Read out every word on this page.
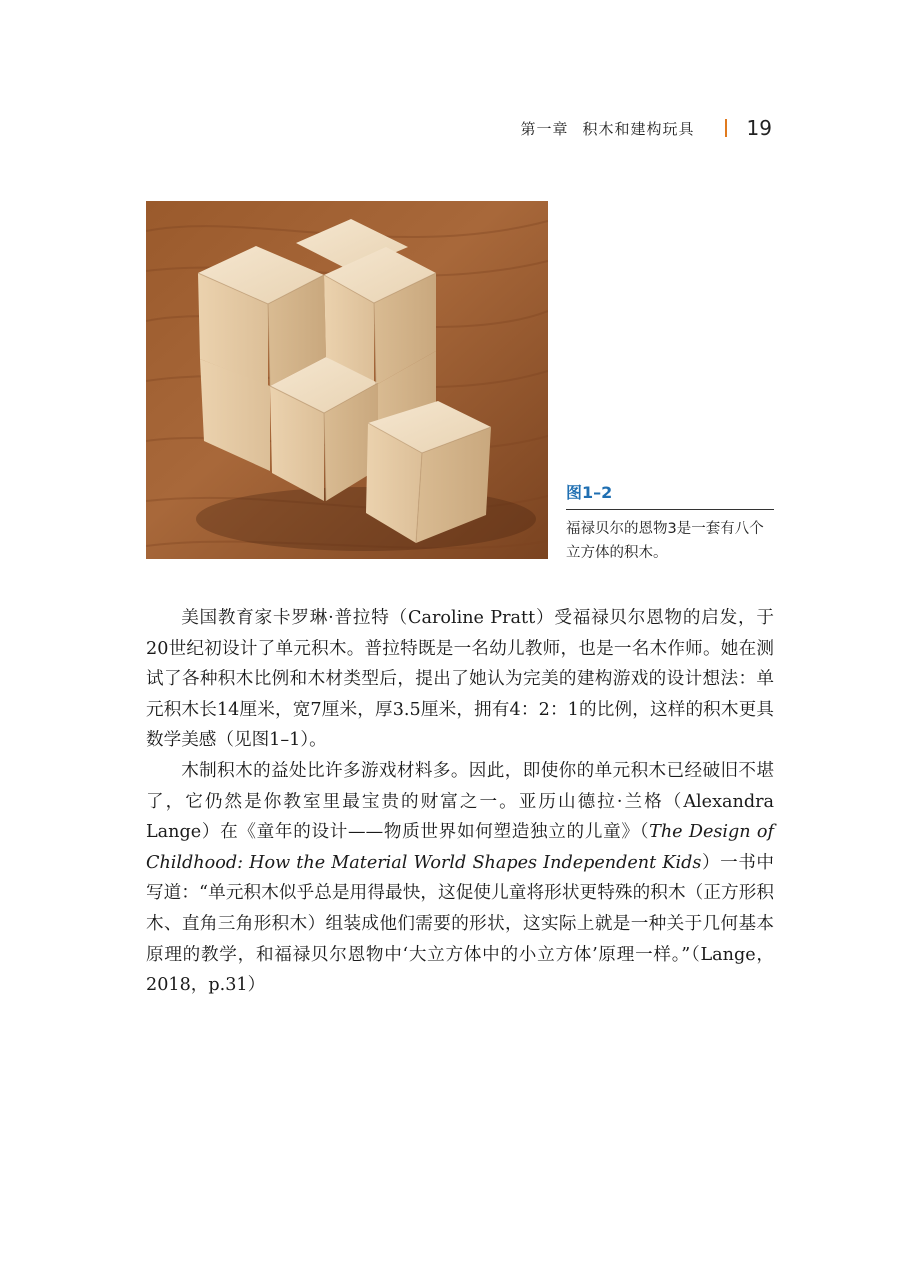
第一章 积木和建构玩具	19
图1–2
福禄贝尔的恩物3是一套有八个立方体的积木。

美国教育家卡罗琳·普拉特（Caroline Pratt）受福禄贝尔恩物的启发，于20世纪初设计了单元积木。普拉特既是一名幼儿教师，也是一名木作师。她在测试了各种积木比例和木材类型后，提出了她认为完美的建构游戏的设计想法：单元积木长14厘米，宽7厘米，厚3.5厘米，拥有4：2：1的比例，这样的积木更具数学美感（见图1–1）。

木制积木的益处比许多游戏材料多。因此，即使你的单元积木已经破旧不堪了，它仍然是你教室里最宝贵的财富之一。亚历山德拉·兰格（Alexandra Lange）在《童年的设计——物质世界如何塑造独立的儿童》（The Design of Childhood: How the Material World Shapes Independent Kids）一书中写道：“单元积木似乎总是用得最快，这促使儿童将形状更特殊的积木（正方形积木、直角三角形积木）组装成他们需要的形状，这实际上就是一种关于几何基本原理的教学，和福禄贝尔恩物中‘大立方体中的小立方体’原理一样。”（Lange，2018，p.31）
